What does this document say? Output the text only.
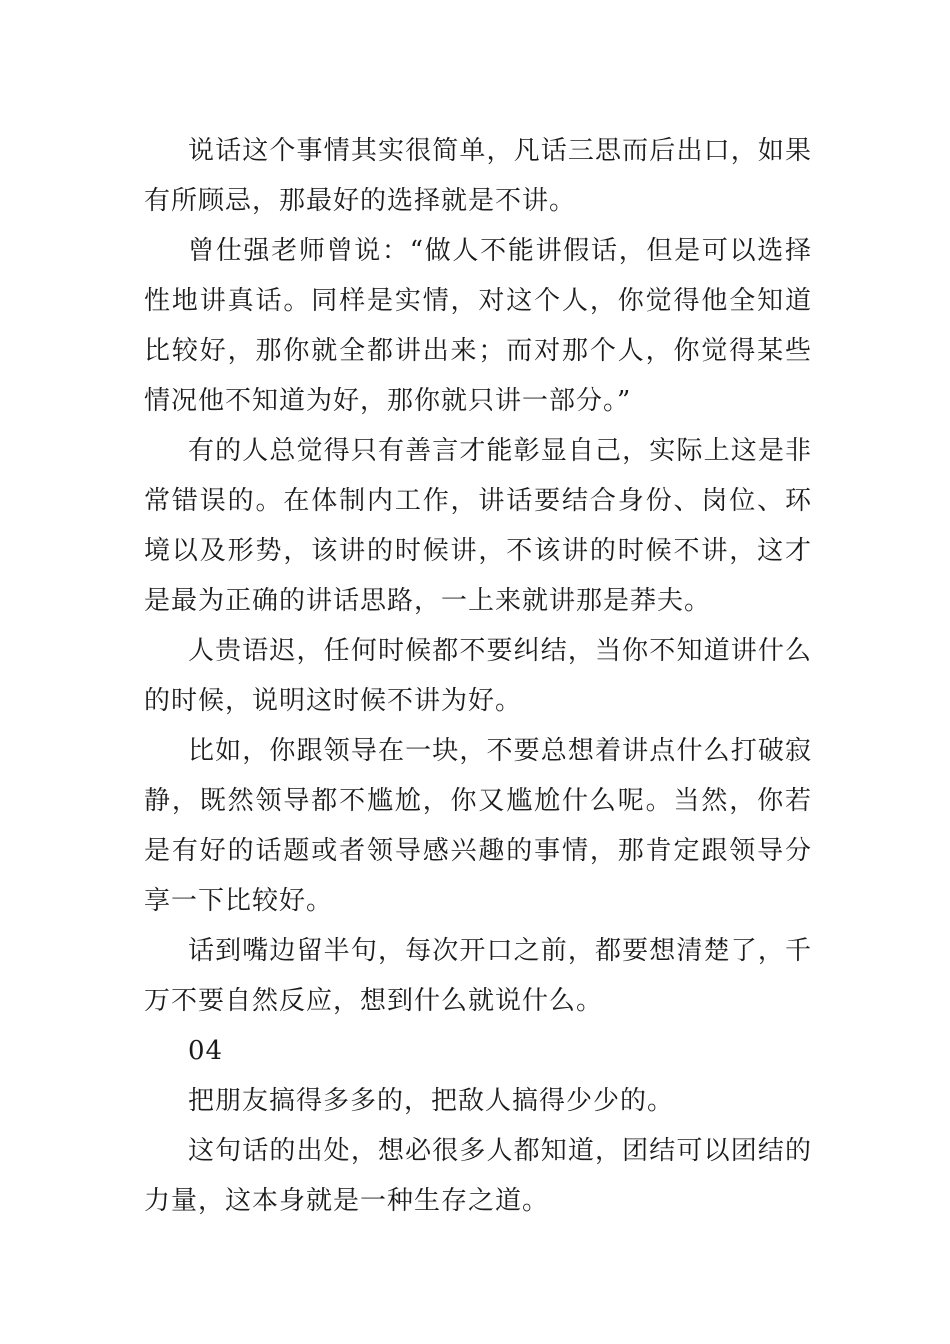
说话这个事情其实很简单，凡话三思而后出口，如果有所顾忌，那最好的选择就是不讲。

曾仕强老师曾说：“做人不能讲假话，但是可以选择性地讲真话。同样是实情，对这个人，你觉得他全知道比较好，那你就全都讲出来；而对那个人，你觉得某些情况他不知道为好，那你就只讲一部分。”

有的人总觉得只有善言才能彰显自己，实际上这是非常错误的。在体制内工作，讲话要结合身份、岗位、环境以及形势，该讲的时候讲，不该讲的时候不讲，这才是最为正确的讲话思路，一上来就讲那是莽夫。

人贵语迟，任何时候都不要纠结，当你不知道讲什么的时候，说明这时候不讲为好。

比如，你跟领导在一块，不要总想着讲点什么打破寂静，既然领导都不尴尬，你又尴尬什么呢。当然，你若是有好的话题或者领导感兴趣的事情，那肯定跟领导分享一下比较好。

话到嘴边留半句，每次开口之前，都要想清楚了，千万不要自然反应，想到什么就说什么。

04

把朋友搞得多多的，把敌人搞得少少的。

这句话的出处，想必很多人都知道，团结可以团结的力量，这本身就是一种生存之道。
